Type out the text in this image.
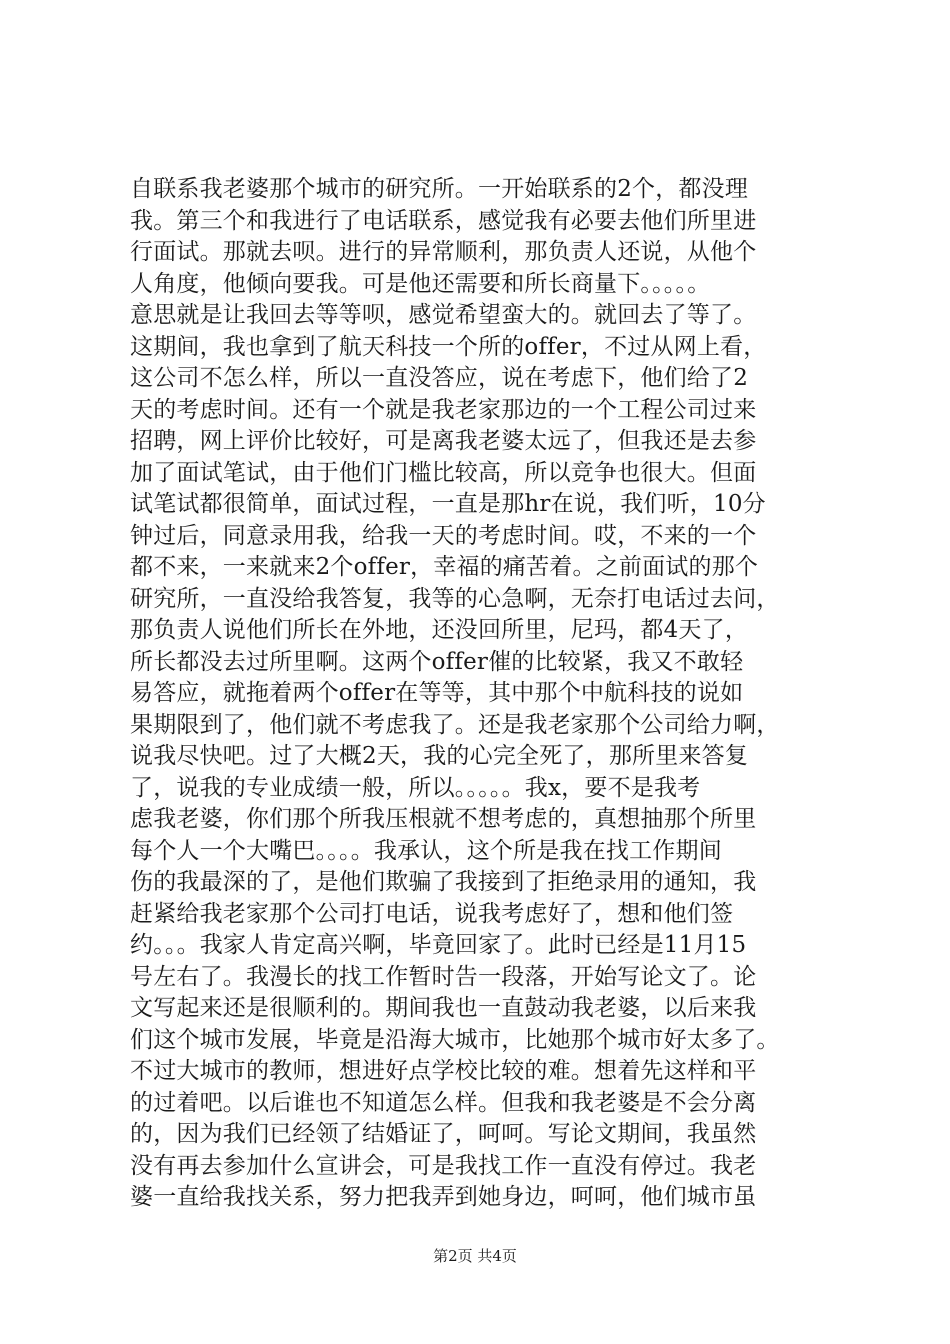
自联系我老婆那个城市的研究所。一开始联系的2个，都没理
我。第三个和我进行了电话联系，感觉我有必要去他们所里进
行面试。那就去呗。进行的异常顺利，那负责人还说，从他个
人角度，他倾向要我。可是他还需要和所长商量下。。。。。
意思就是让我回去等等呗，感觉希望蛮大的。就回去了等了。
这期间，我也拿到了航天科技一个所的offer，不过从网上看，
这公司不怎么样，所以一直没答应，说在考虑下，他们给了2
天的考虑时间。还有一个就是我老家那边的一个工程公司过来
招聘，网上评价比较好，可是离我老婆太远了，但我还是去参
加了面试笔试，由于他们门槛比较高，所以竞争也很大。但面
试笔试都很简单，面试过程，一直是那hr在说，我们听，10分
钟过后，同意录用我，给我一天的考虑时间。哎，不来的一个
都不来，一来就来2个offer，幸福的痛苦着。之前面试的那个
研究所，一直没给我答复，我等的心急啊，无奈打电话过去问，
那负责人说他们所长在外地，还没回所里，尼玛，都4天了，
所长都没去过所里啊。这两个offer催的比较紧，我又不敢轻
易答应，就拖着两个offer在等等，其中那个中航科技的说如
果期限到了，他们就不考虑我了。还是我老家那个公司给力啊，
说我尽快吧。过了大概2天，我的心完全死了，那所里来答复
了，说我的专业成绩一般，所以。。。。。我x，要不是我考
虑我老婆，你们那个所我压根就不想考虑的，真想抽那个所里
每个人一个大嘴巴。。。。我承认，这个所是我在找工作期间
伤的我最深的了，是他们欺骗了我接到了拒绝录用的通知，我
赶紧给我老家那个公司打电话，说我考虑好了，想和他们签
约。。。我家人肯定高兴啊，毕竟回家了。此时已经是11月15
号左右了。我漫长的找工作暂时告一段落，开始写论文了。论
文写起来还是很顺利的。期间我也一直鼓动我老婆，以后来我
们这个城市发展，毕竟是沿海大城市，比她那个城市好太多了。
不过大城市的教师，想进好点学校比较的难。想着先这样和平
的过着吧。以后谁也不知道怎么样。但我和我老婆是不会分离
的，因为我们已经领了结婚证了，呵呵。写论文期间，我虽然
没有再去参加什么宣讲会，可是我找工作一直没有停过。我老
婆一直给我找关系，努力把我弄到她身边，呵呵，他们城市虽
第2页 共4页
